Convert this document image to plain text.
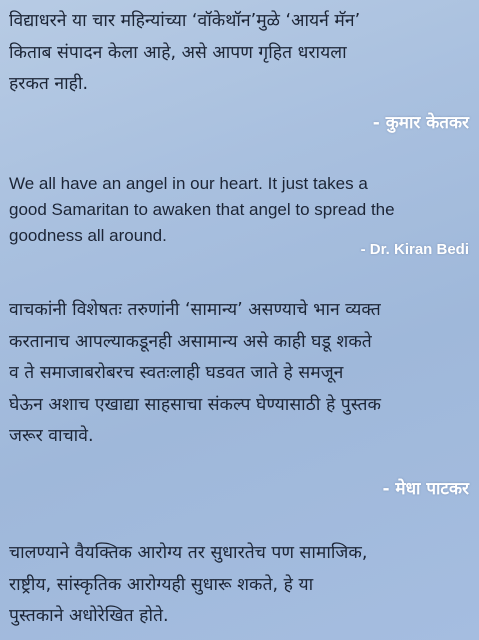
विद्याधरने या चार महिन्यांच्या ‘वॉकेथॉन’मुळे ‘आयर्न मॅन’
किताब संपादन केला आहे, असे आपण गृहित धरायला
हरकत नाही.
- कुमार केतकर
We all have an angel in our heart. It just takes a
good Samaritan to awaken that angel to spread the
goodness all around.
- Dr. Kiran Bedi
वाचकांनी विशेषतः तरुणांनी ‘सामान्य’ असण्याचे भान व्यक्त
करतानाच आपल्याकडूनही असामान्य असे काही घडू शकते
व ते समाजाबरोबरच स्वतःलाही घडवत जाते हे समजून
घेऊन अशाच एखाद्या साहसाचा संकल्प घेण्यासाठी हे पुस्तक
जरूर वाचावे.
- मेधा पाटकर
चालण्याने वैयक्तिक आरोग्य तर सुधारतेच पण सामाजिक,
राष्ट्रीय, सांस्कृतिक आरोग्यही सुधारू शकते, हे या
पुस्तकाने अधोरेखित होते.
